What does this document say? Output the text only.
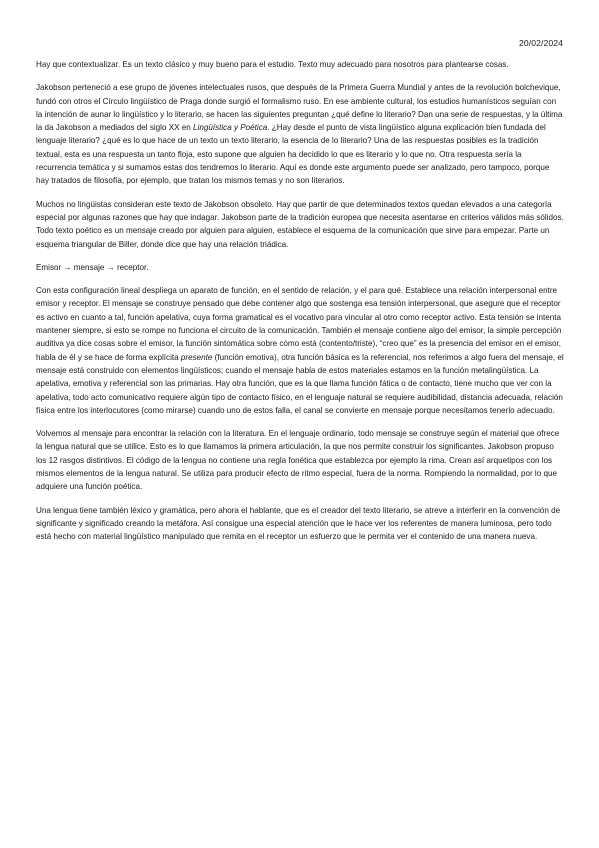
20/02/2024

Hay que contextualizar. Es un texto clásico y muy bueno para el estudio. Texto muy adecuado para nosotros para plantearse cosas.

Jakobson perteneció a ese grupo de jóvenes intelectuales rusos, que después de la Primera Guerra Mundial y antes de la revolución bolchevique, fundó con otros el Círculo lingüístico de Praga donde surgió el formalismo ruso. En ese ambiente cultural, los estudios humanísticos seguían con la intención de aunar lo lingüístico y lo literario, se hacen las siguientes preguntan ¿qué define lo literario? Dan una serie de respuestas, y la última la da Jakobson a mediados del siglo XX en Lingüística y Poética. ¿Hay desde el punto de vista lingüístico alguna explicación bien fundada del lenguaje literario? ¿qué es lo que hace de un texto un texto literario, la esencia de lo literario? Una de las respuestas posibles es la tradición textual, esta es una respuesta un tanto floja, esto supone que alguien ha decidido lo que es literario y lo que no. Otra respuesta sería la recurrencia temática y si sumamos estas dos tendremos lo literario. Aquí es donde este argumento puede ser analizado, pero tampoco, porque hay tratados de filosofía, por ejemplo, que tratan los mismos temas y no son literarios.

Muchos no lingüistas consideran este texto de Jakobson obsoleto. Hay que partir de que determinados textos quedan elevados a una categoría especial por algunas razones que hay que indagar. Jakobson parte de la tradición europea que necesita asentarse en criterios válidos más sólidos. Todo texto poético es un mensaje creado por alguien para alguien, establece el esquema de la comunicación que sirve para empezar. Parte un esquema triangular de Biller, donde dice que hay una relación triádica.

Emisor → mensaje → receptor.

Con esta configuración lineal despliega un aparato de función, en el sentido de relación, y el para qué. Establece una relación interpersonal entre emisor y receptor. El mensaje se construye pensado que debe contener algo que sostenga esa tensión interpersonal, que asegure que el receptor es activo en cuanto a tal, función apelativa, cuya forma gramatical es el vocativo para vincular al otro como receptor activo. Esta tensión se intenta mantener siempre, si esto se rompe no funciona el circuito de la comunicación. También el mensaje contiene algo del emisor, la simple percepción auditiva ya dice cosas sobre el emisor, la función sintomática sobre cómo está (contento/triste), “creo que” es la presencia del emisor en el emisor, habla de él y se hace de forma explícita presente (función emotiva), otra función básica es la referencial, nos referimos a algo fuera del mensaje, el mensaje está construido con elementos lingüísticos; cuando el mensaje habla de estos materiales estamos en la función metalingüística. La apelativa, emotiva y referencial son las primarias. Hay otra función, que es la que llama función fática o de contacto, tiene mucho que ver con la apelativa, todo acto comunicativo requiere algún tipo de contacto físico, en el lenguaje natural se requiere audibilidad, distancia adecuada, relación física entre los interlocutores (como mirarse) cuando uno de estos falla, el canal se convierte en mensaje porque necesitamos tenerlo adecuado.

Volvemos al mensaje para encontrar la relación con la literatura. En el lenguaje ordinario, todo mensaje se construye según el material que ofrece la lengua natural que se utilice. Esto es lo que llamamos la primera articulación, la que nos permite construir los significantes. Jakobson propuso los 12 rasgos distintivos. El código de la lengua no contiene una regla fonética que establezca por ejemplo la rima. Crean así arquetipos con los mismos elementos de la lengua natural. Se utiliza para producir efecto de ritmo especial, fuera de la norma. Rompiendo la normalidad, por lo que adquiere una función poética.

Una lengua tiene también léxico y gramática, pero ahora el hablante, que es el creador del texto literario, se atreve a interferir en la convención de significante y significado creando la metáfora. Así consigue una especial atención que le hace ver los referentes de manera luminosa, pero todo está hecho con material lingüístico manipulado que remita en el receptor un esfuerzo que le permita ver el contenido de una manera nueva.
